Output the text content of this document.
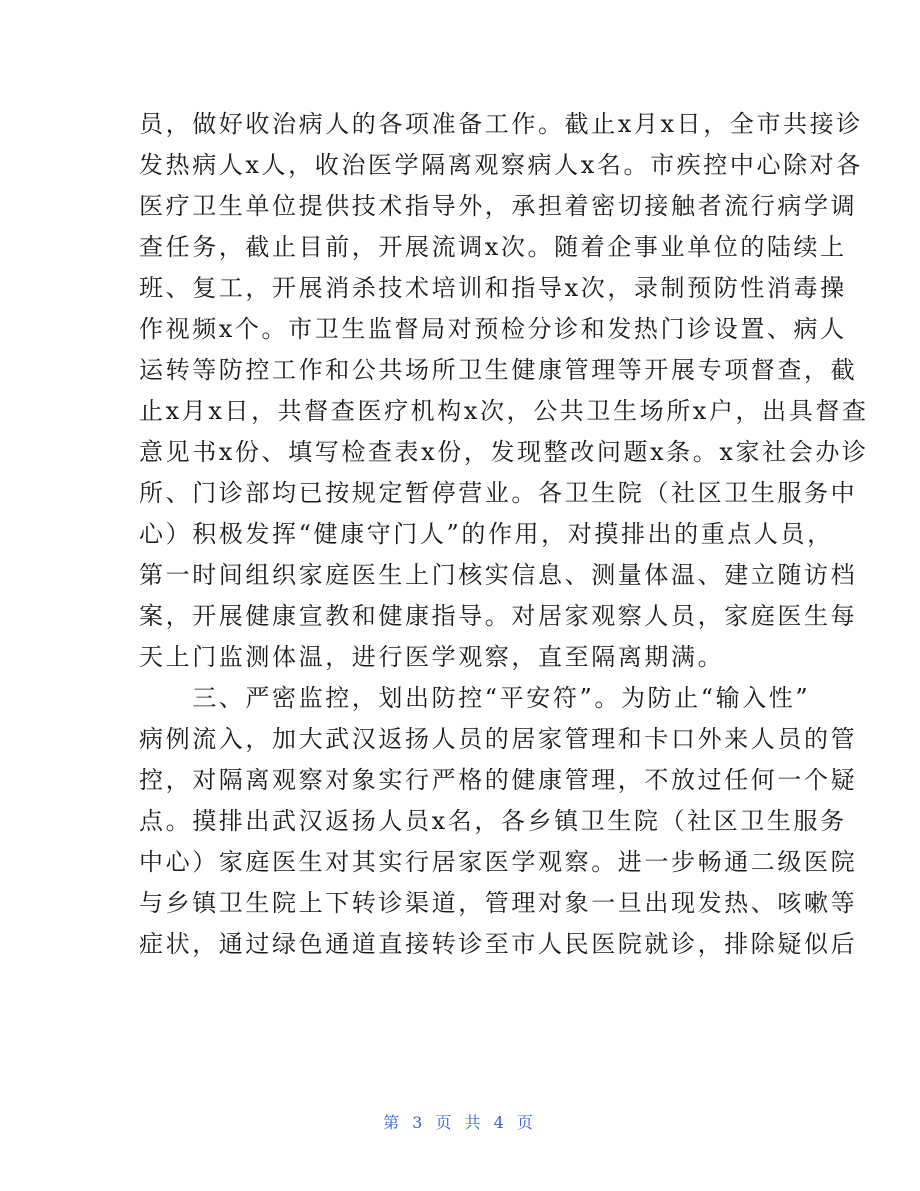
员，做好收治病人的各项准备工作。截止x月x日，全市共接诊
发热病人x人，收治医学隔离观察病人x名。市疾控中心除对各
医疗卫生单位提供技术指导外，承担着密切接触者流行病学调
查任务，截止目前，开展流调x次。随着企事业单位的陆续上
班、复工，开展消杀技术培训和指导x次，录制预防性消毒操
作视频x个。市卫生监督局对预检分诊和发热门诊设置、病人
运转等防控工作和公共场所卫生健康管理等开展专项督查，截
止x月x日，共督查医疗机构x次，公共卫生场所x户，出具督查
意见书x份、填写检查表x份，发现整改问题x条。x家社会办诊
所、门诊部均已按规定暂停营业。各卫生院（社区卫生服务中
心）积极发挥“健康守门人”的作用，对摸排出的重点人员，
第一时间组织家庭医生上门核实信息、测量体温、建立随访档
案，开展健康宣教和健康指导。对居家观察人员，家庭医生每
天上门监测体温，进行医学观察，直至隔离期满。
　　三、严密监控，划出防控“平安符”。为防止“输入性”
病例流入，加大武汉返扬人员的居家管理和卡口外来人员的管
控，对隔离观察对象实行严格的健康管理，不放过任何一个疑
点。摸排出武汉返扬人员x名，各乡镇卫生院（社区卫生服务
中心）家庭医生对其实行居家医学观察。进一步畅通二级医院
与乡镇卫生院上下转诊渠道，管理对象一旦出现发热、咳嗽等
症状，通过绿色通道直接转诊至市人民医院就诊，排除疑似后
第 3 页 共 4 页
